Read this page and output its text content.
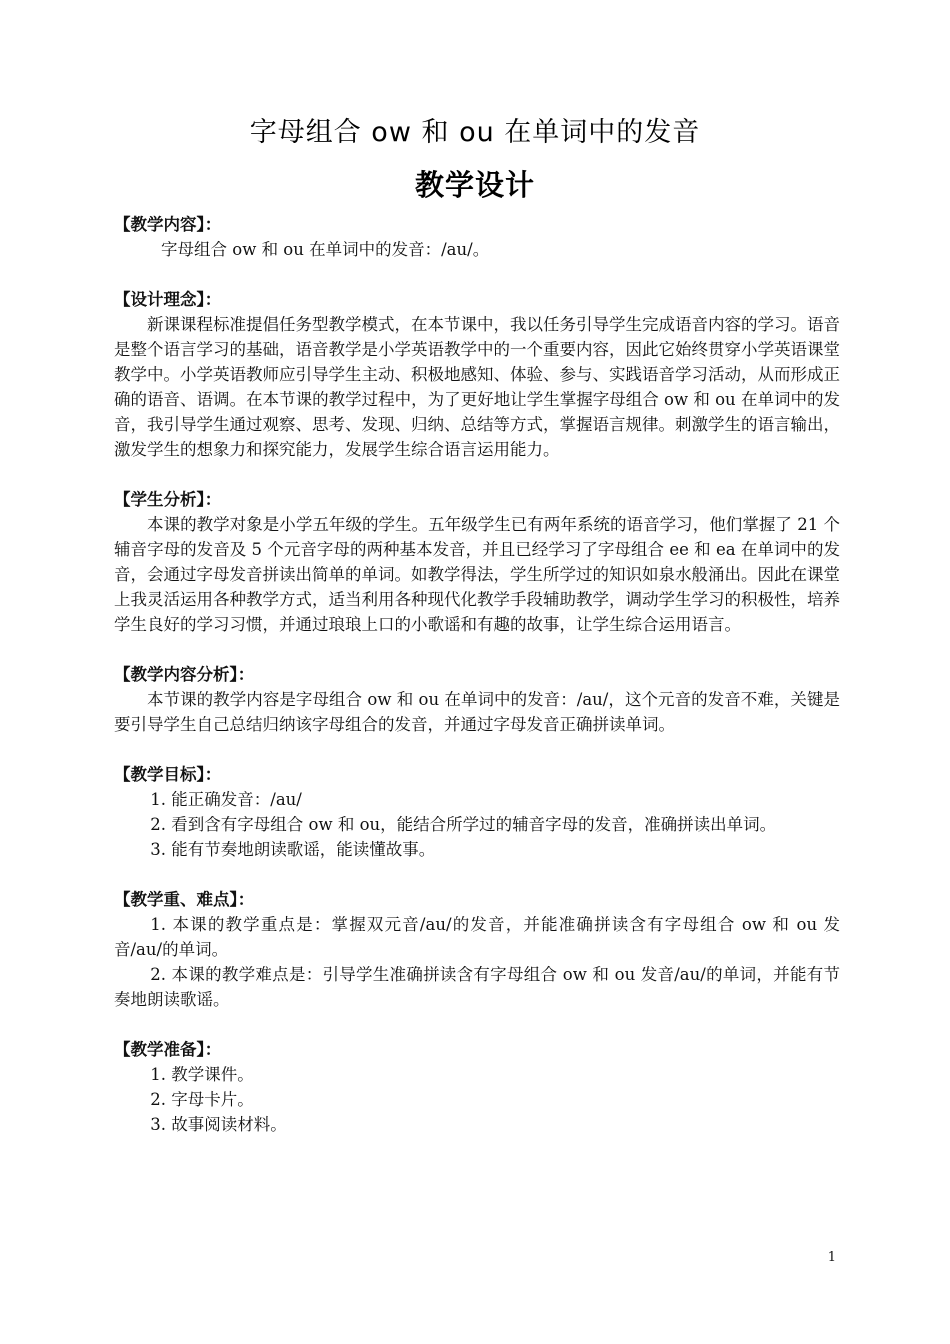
字母组合 ow 和 ou 在单词中的发音
教学设计

【教学内容】：

字母组合 ow 和 ou 在单词中的发音：/au/。

【设计理念】：

新课课程标准提倡任务型教学模式，在本节课中，我以任务引导学生完成语音内容的学习。语音是整个语言学习的基础，语音教学是小学英语教学中的一个重要内容，因此它始终贯穿小学英语课堂教学中。小学英语教师应引导学生主动、积极地感知、体验、参与、实践语音学习活动，从而形成正确的语音、语调。在本节课的教学过程中，为了更好地让学生掌握字母组合 ow 和 ou 在单词中的发音，我引导学生通过观察、思考、发现、归纳、总结等方式，掌握语言规律。刺激学生的语言输出，激发学生的想象力和探究能力，发展学生综合语言运用能力。

【学生分析】：

本课的教学对象是小学五年级的学生。五年级学生已有两年系统的语音学习，他们掌握了 21 个辅音字母的发音及 5 个元音字母的两种基本发音，并且已经学习了字母组合 ee 和 ea 在单词中的发音，会通过字母发音拼读出简单的单词。如教学得法，学生所学过的知识如泉水般涌出。因此在课堂上我灵活运用各种教学方式，适当利用各种现代化教学手段辅助教学，调动学生学习的积极性，培养学生良好的学习习惯，并通过琅琅上口的小歌谣和有趣的故事，让学生综合运用语言。

【教学内容分析】：

本节课的教学内容是字母组合 ow 和 ou 在单词中的发音：/au/，这个元音的发音不难，关键是要引导学生自己总结归纳该字母组合的发音，并通过字母发音正确拼读单词。

【教学目标】：

1. 能正确发音：/au/

2. 看到含有字母组合 ow 和 ou，能结合所学过的辅音字母的发音，准确拼读出单词。

3. 能有节奏地朗读歌谣，能读懂故事。

【教学重、难点】：

1. 本课的教学重点是：掌握双元音/au/的发音，并能准确拼读含有字母组合 ow 和 ou 发音/au/的单词。

2. 本课的教学难点是：引导学生准确拼读含有字母组合 ow 和 ou 发音/au/的单词，并能有节奏地朗读歌谣。

【教学准备】：

1. 教学课件。

2. 字母卡片。

3. 故事阅读材料。

1
